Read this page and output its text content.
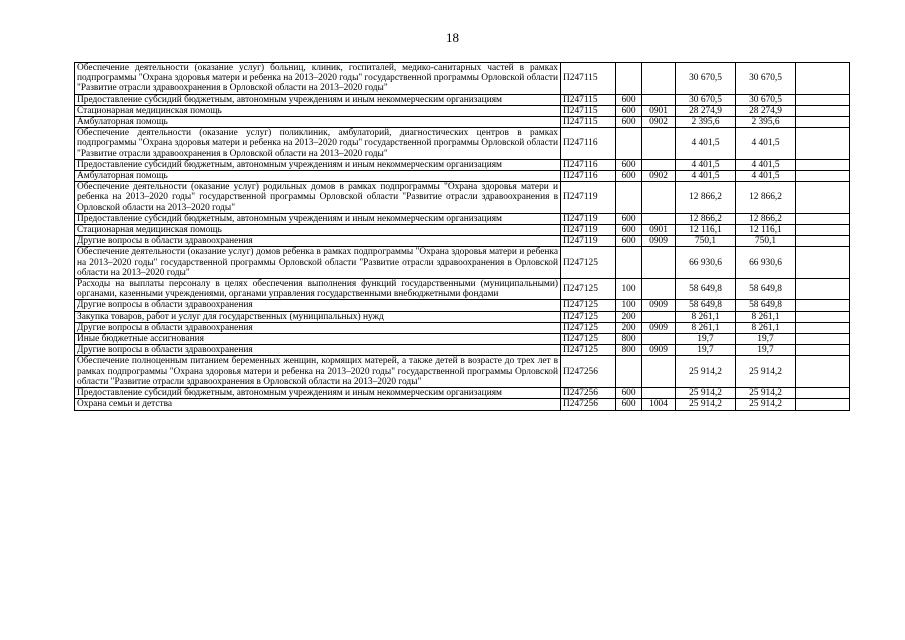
18
Обеспечение деятельности (оказание услуг) больниц, клиник, госпиталей, медико-санитарных частей в рамках подпрограммы "Охрана здоровья матери и ребенка на 2013–2020 годы" государственной программы Орловской области "Развитие отрасли здравоохранения в Орловской области на 2013–2020 годы"	П247115			30 670,5	30 670,5	
Предоставление субсидий бюджетным, автономным учреждениям и иным некоммерческим организациям	П247115	600		30 670,5	30 670,5	
Стационарная медицинская помощь	П247115	600	0901	28 274,9	28 274,9	
Амбулаторная помощь	П247115	600	0902	2 395,6	2 395,6	
Обеспечение деятельности (оказание услуг) поликлиник, амбулаторий, диагностических центров в рамках подпрограммы "Охрана здоровья матери и ребенка на 2013–2020 годы" государственной программы Орловской области "Развитие отрасли здравоохранения в Орловской области на 2013–2020 годы"	П247116			4 401,5	4 401,5	
Предоставление субсидий бюджетным, автономным учреждениям и иным некоммерческим организациям	П247116	600		4 401,5	4 401,5	
Амбулаторная помощь	П247116	600	0902	4 401,5	4 401,5	
Обеспечение деятельности (оказание услуг) родильных домов в рамках подпрограммы "Охрана здоровья матери и ребенка на 2013–2020 годы" государственной программы Орловской области "Развитие отрасли здравоохранения в Орловской области на 2013–2020 годы"	П247119			12 866,2	12 866,2	
Предоставление субсидий бюджетным, автономным учреждениям и иным некоммерческим организациям	П247119	600		12 866,2	12 866,2	
Стационарная медицинская помощь	П247119	600	0901	12 116,1	12 116,1	
Другие вопросы в области здравоохранения	П247119	600	0909	750,1	750,1	
Обеспечение деятельности (оказание услуг) домов ребенка в рамках подпрограммы "Охрана здоровья матери и ребенка на 2013–2020 годы" государственной программы Орловской области "Развитие отрасли здравоохранения в Орловской области на 2013–2020 годы"	П247125			66 930,6	66 930,6	
Расходы на выплаты персоналу в целях обеспечения выполнения функций государственными (муниципальными) органами, казенными учреждениями, органами управления государственными внебюджетными фондами	П247125	100		58 649,8	58 649,8	
Другие вопросы в области здравоохранения	П247125	100	0909	58 649,8	58 649,8	
Закупка товаров, работ и услуг для государственных (муниципальных) нужд	П247125	200		8 261,1	8 261,1	
Другие вопросы в области здравоохранения	П247125	200	0909	8 261,1	8 261,1	
Иные бюджетные ассигнования	П247125	800		19,7	19,7	
Другие вопросы в области здравоохранения	П247125	800	0909	19,7	19,7	
Обеспечение полноценным питанием беременных женщин, кормящих матерей, а также детей в возрасте до трех лет в рамках подпрограммы "Охрана здоровья матери и ребенка на 2013–2020 годы" государственной программы Орловской области "Развитие отрасли здравоохранения в Орловской области на 2013–2020 годы"	П247256			25 914,2	25 914,2	
Предоставление субсидий бюджетным, автономным учреждениям и иным некоммерческим организациям	П247256	600		25 914,2	25 914,2	
Охрана семьи и детства	П247256	600	1004	25 914,2	25 914,2	
